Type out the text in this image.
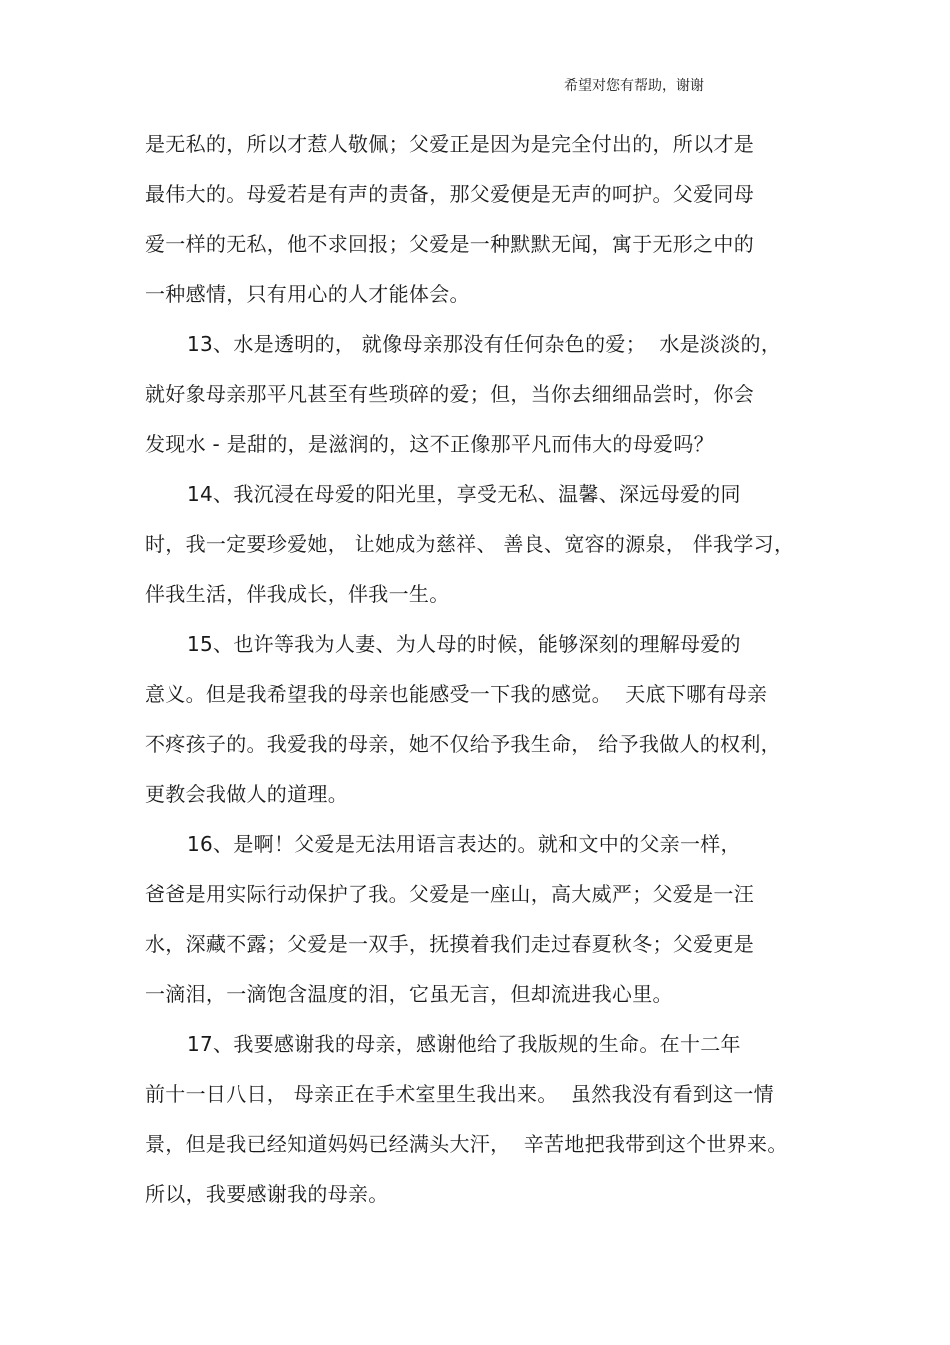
希望对您有帮助，谢谢
是无私的，所以才惹人敬佩；父爱正是因为是完全付出的，所以才是
最伟大的。母爱若是有声的责备，那父爱便是无声的呵护。父爱同母
爱一样的无私，他不求回报；父爱是一种默默无闻，寓于无形之中的
一种感情，只有用心的人才能体会。
13、水是透明的， 就像母亲那没有任何杂色的爱；  水是淡淡的，
就好象母亲那平凡甚至有些琐碎的爱；但，当你去细细品尝时，你会
发现水 - 是甜的，是滋润的，这不正像那平凡而伟大的母爱吗？
14、我沉浸在母爱的阳光里，享受无私、温馨、深远母爱的同
时，我一定要珍爱她， 让她成为慈祥、 善良、宽容的源泉， 伴我学习，
伴我生活，伴我成长，伴我一生。
15、也许等我为人妻、为人母的时候，能够深刻的理解母爱的
意义。但是我希望我的母亲也能感受一下我的感觉。  天底下哪有母亲
不疼孩子的。我爱我的母亲，她不仅给予我生命， 给予我做人的权利，
更教会我做人的道理。
16、是啊！父爱是无法用语言表达的。就和文中的父亲一样，
爸爸是用实际行动保护了我。父爱是一座山，高大威严；父爱是一汪
水，深藏不露；父爱是一双手，抚摸着我们走过春夏秋冬；父爱更是
一滴泪，一滴饱含温度的泪，它虽无言，但却流进我心里。
17、我要感谢我的母亲，感谢他给了我版规的生命。在十二年
前十一日八日， 母亲正在手术室里生我出来。  虽然我没有看到这一情
景，但是我已经知道妈妈已经满头大汗，  辛苦地把我带到这个世界来。
所以，我要感谢我的母亲。
